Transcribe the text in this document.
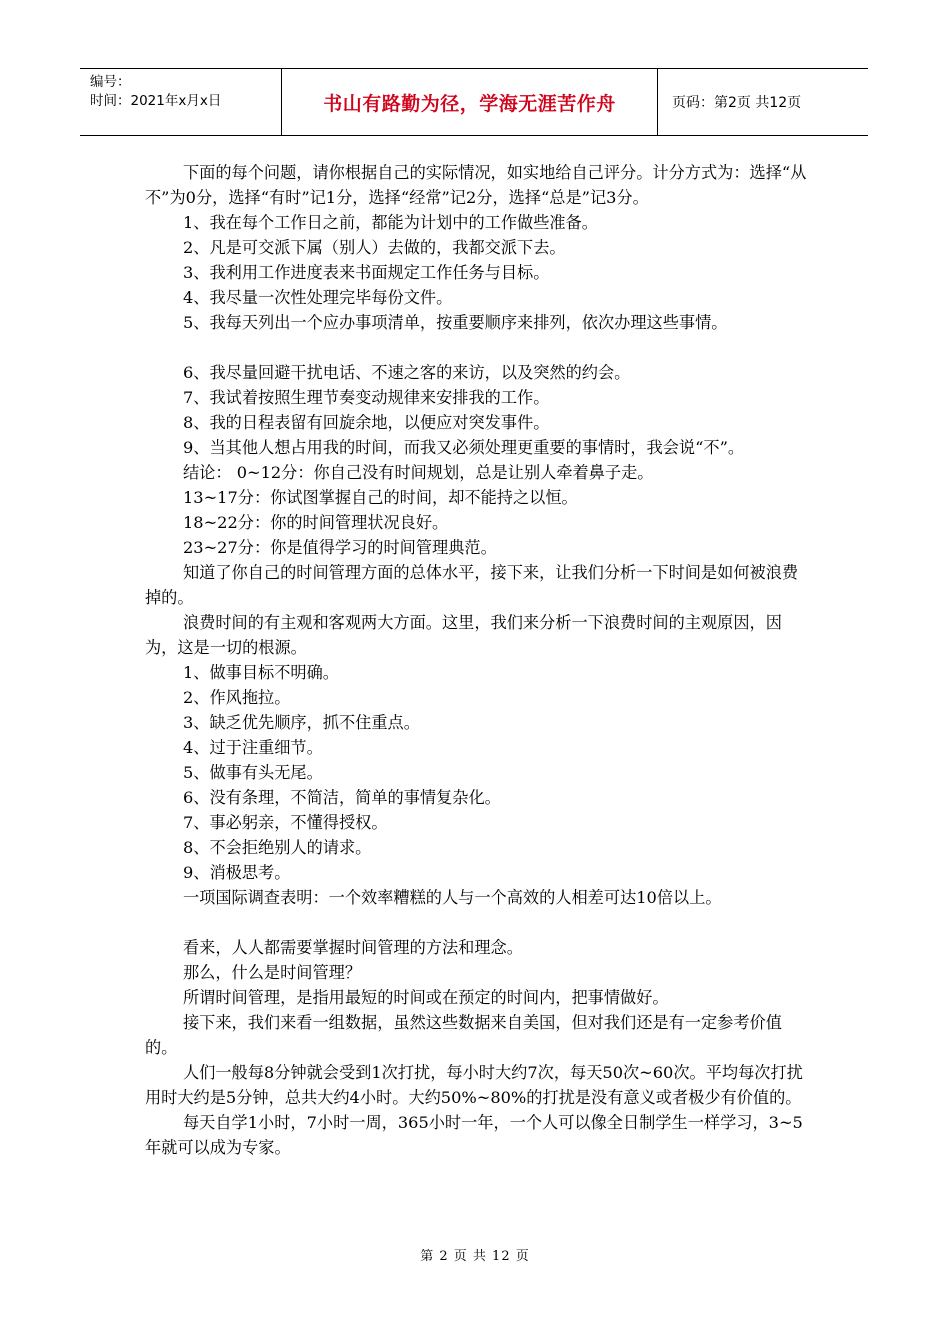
编号：
时间：2021年x月x日	书山有路勤为径，学海无涯苦作舟	页码：第2页 共12页

下面的每个问题，请你根据自己的实际情况，如实地给自己评分。计分方式为：选择“从不”为0分，选择“有时”记1分，选择“经常”记2分，选择“总是”记3分。

1、我在每个工作日之前，都能为计划中的工作做些准备。

2、凡是可交派下属（别人）去做的，我都交派下去。

3、我利用工作进度表来书面规定工作任务与目标。

4、我尽量一次性处理完毕每份文件。

5、我每天列出一个应办事项清单，按重要顺序来排列，依次办理这些事情。

6、我尽量回避干扰电话、不速之客的来访，以及突然的约会。

7、我试着按照生理节奏变动规律来安排我的工作。

8、我的日程表留有回旋余地，以便应对突发事件。

9、当其他人想占用我的时间，而我又必须处理更重要的事情时，我会说“不”。

结论： 0~12分：你自己没有时间规划，总是让别人牵着鼻子走。

13~17分：你试图掌握自己的时间，却不能持之以恒。

18~22分：你的时间管理状况良好。

23~27分：你是值得学习的时间管理典范。

知道了你自己的时间管理方面的总体水平，接下来，让我们分析一下时间是如何被浪费掉的。

浪费时间的有主观和客观两大方面。这里，我们来分析一下浪费时间的主观原因，因为，这是一切的根源。

1、做事目标不明确。

2、作风拖拉。

3、缺乏优先顺序，抓不住重点。

4、过于注重细节。

5、做事有头无尾。

6、没有条理，不简洁，简单的事情复杂化。

7、事必躬亲，不懂得授权。

8、不会拒绝别人的请求。

9、消极思考。

一项国际调查表明：一个效率糟糕的人与一个高效的人相差可达10倍以上。

看来，人人都需要掌握时间管理的方法和理念。

那么，什么是时间管理？

所谓时间管理，是指用最短的时间或在预定的时间内，把事情做好。

接下来，我们来看一组数据，虽然这些数据来自美国，但对我们还是有一定参考价值的。

人们一般每8分钟就会受到1次打扰，每小时大约7次，每天50次~60次。平均每次打扰用时大约是5分钟，总共大约4小时。大约50%~80%的打扰是没有意义或者极少有价值的。

每天自学1小时，7小时一周，365小时一年，一个人可以像全日制学生一样学习，3~5年就可以成为专家。

第 2 页 共 12 页
